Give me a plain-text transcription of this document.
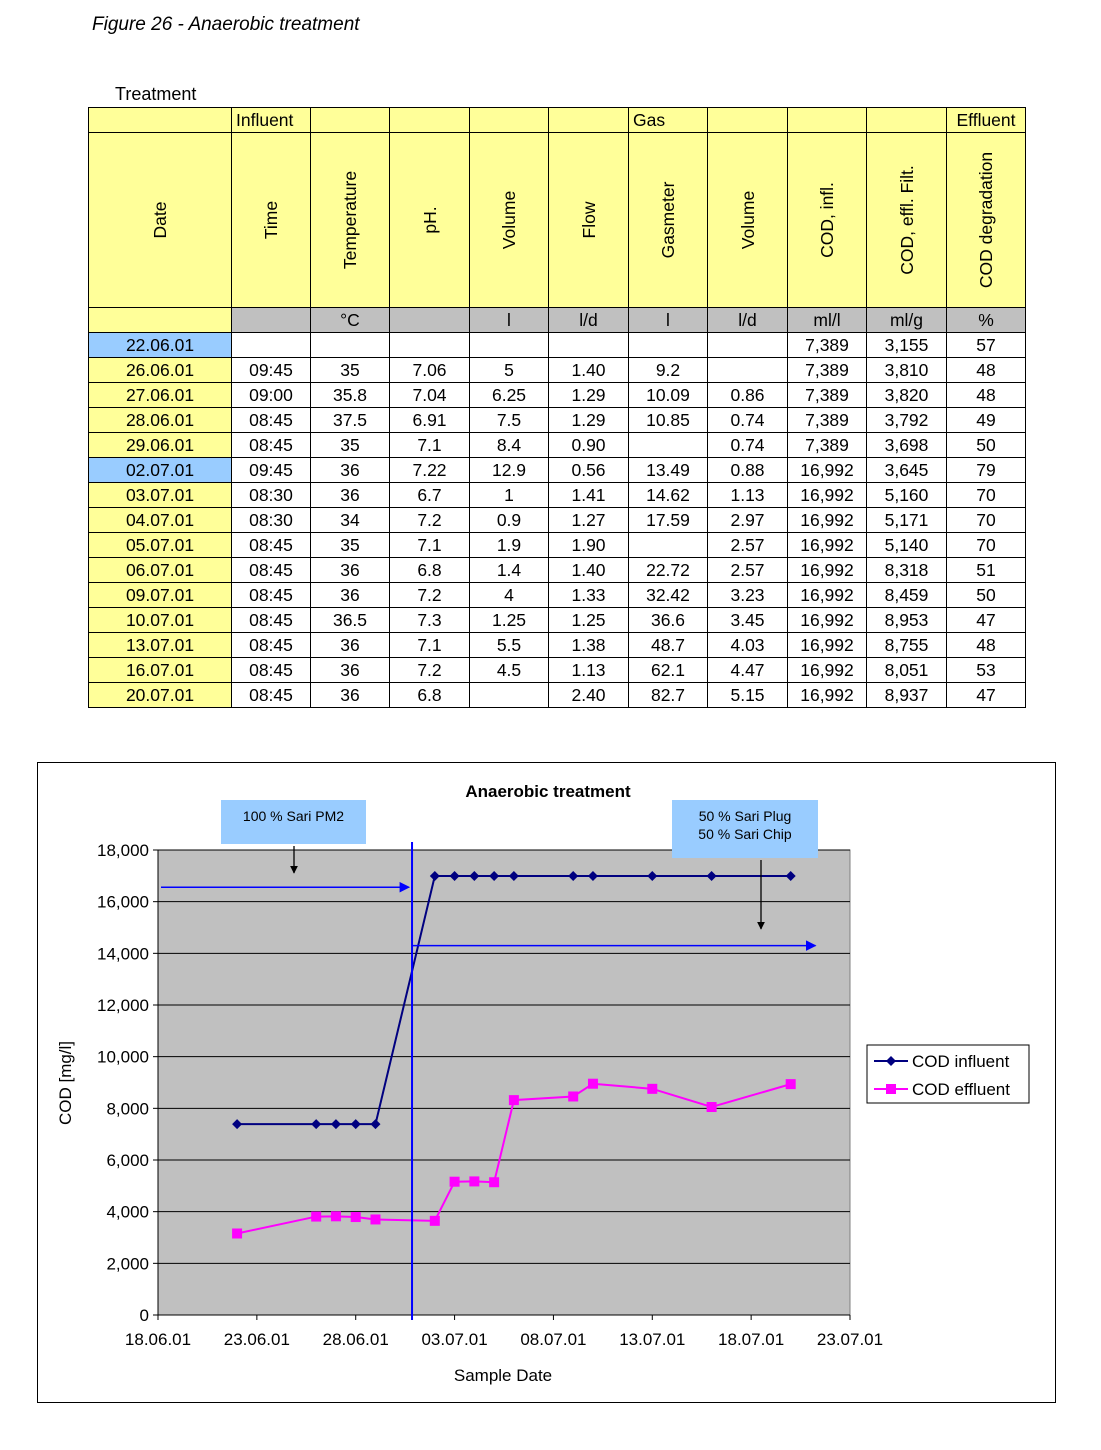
Figure 26 - Anaerobic treatment
Treatment
	Influent					Gas				Effluent

Date	Time	Temperature	pH.	Volume	Flow	Gasmeter	Volume	COD, infl.	COD, effl. Filt.	COD degradation

		°C		l	l/d	l	l/d	ml/l	ml/g	%
22.06.01								7,389	3,155	57
26.06.01	09:45	35	7.06	5	1.40	9.2		7,389	3,810	48
27.06.01	09:00	35.8	7.04	6.25	1.29	10.09	0.86	7,389	3,820	48
28.06.01	08:45	37.5	6.91	7.5	1.29	10.85	0.74	7,389	3,792	49
29.06.01	08:45	35	7.1	8.4	0.90		0.74	7,389	3,698	50
02.07.01	09:45	36	7.22	12.9	0.56	13.49	0.88	16,992	3,645	79
03.07.01	08:30	36	6.7	1	1.41	14.62	1.13	16,992	5,160	70
04.07.01	08:30	34	7.2	0.9	1.27	17.59	2.97	16,992	5,171	70
05.07.01	08:45	35	7.1	1.9	1.90		2.57	16,992	5,140	70
06.07.01	08:45	36	6.8	1.4	1.40	22.72	2.57	16,992	8,318	51
09.07.01	08:45	36	7.2	4	1.33	32.42	3.23	16,992	8,459	50
10.07.01	08:45	36.5	7.3	1.25	1.25	36.6	3.45	16,992	8,953	47
13.07.01	08:45	36	7.1	5.5	1.38	48.7	4.03	16,992	8,755	48
16.07.01	08:45	36	7.2	4.5	1.13	62.1	4.47	16,992	8,051	53
20.07.01	08:45	36	6.8		2.40	82.7	5.15	16,992	8,937	47
0
2,000
4,000
6,000
8,000
10,000
12,000
14,000
16,000
18,000
18.06.01 23.06.01 28.06.01 03.07.01 08.07.01 13.07.01 18.07.01 23.07.01
100 % Sari PM2	50 % Sari Plug
50 % Sari Chip
Anaerobic treatment
Sample Date
COD [mg/l]	COD influent
COD effluent
